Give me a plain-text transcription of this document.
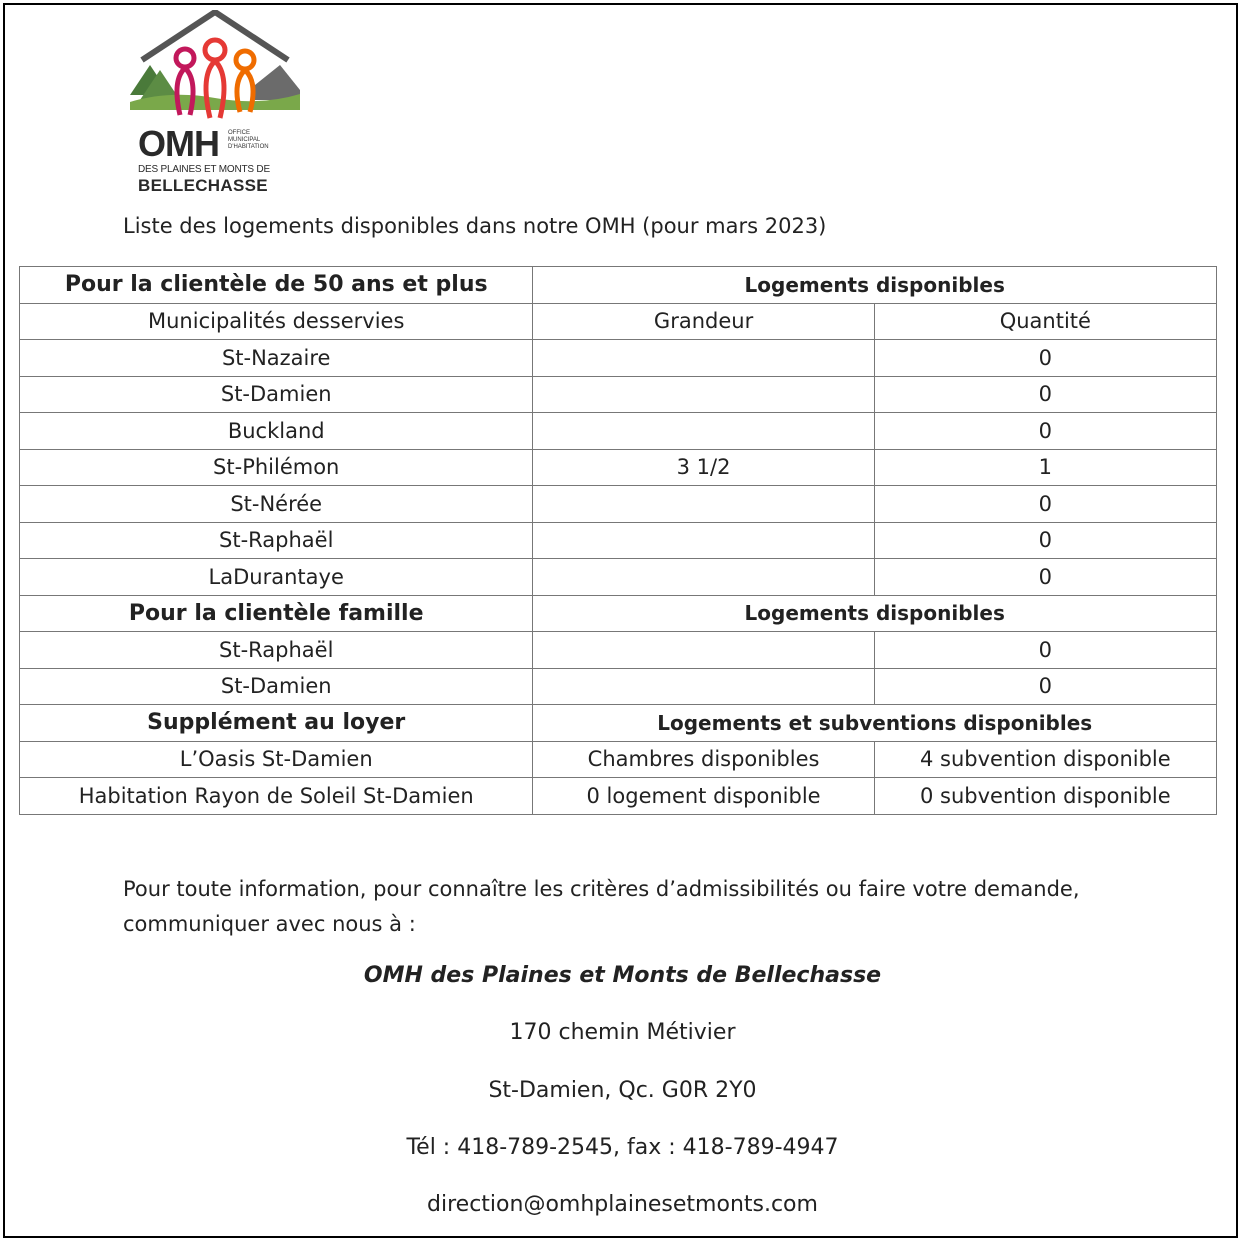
OMH OFFICE
MUNICIPAL
D'HABITATION
DES PLAINES ET MONTS DE
BELLECHASSE
Liste des logements disponibles dans notre OMH (pour mars 2023)
Pour la clientèle de 50 ans et plus	Logements disponibles	
Municipalités desservies	Grandeur	Quantité
St-Nazaire		0
St-Damien		0
Buckland		0
St-Philémon	3 1/2	1
St-Nérée		0
St-Raphaël		0
LaDurantaye		0
Pour la clientèle famille	Logements disponibles	
St-Raphaël		0
St-Damien		0
Supplément au loyer	Logements et subventions disponibles	
L’Oasis St-Damien	Chambres disponibles	4 subvention disponible
Habitation Rayon de Soleil St-Damien	0 logement disponible	0 subvention disponible
Pour toute information, pour connaître les critères d’admissibilités ou faire votre demande,
communiquer avec nous à :
OMH des Plaines et Monts de Bellechasse
170 chemin Métivier
St-Damien, Qc. G0R 2Y0
Tél : 418-789-2545, fax : 418-789-4947
direction@omhplainesetmonts.com
